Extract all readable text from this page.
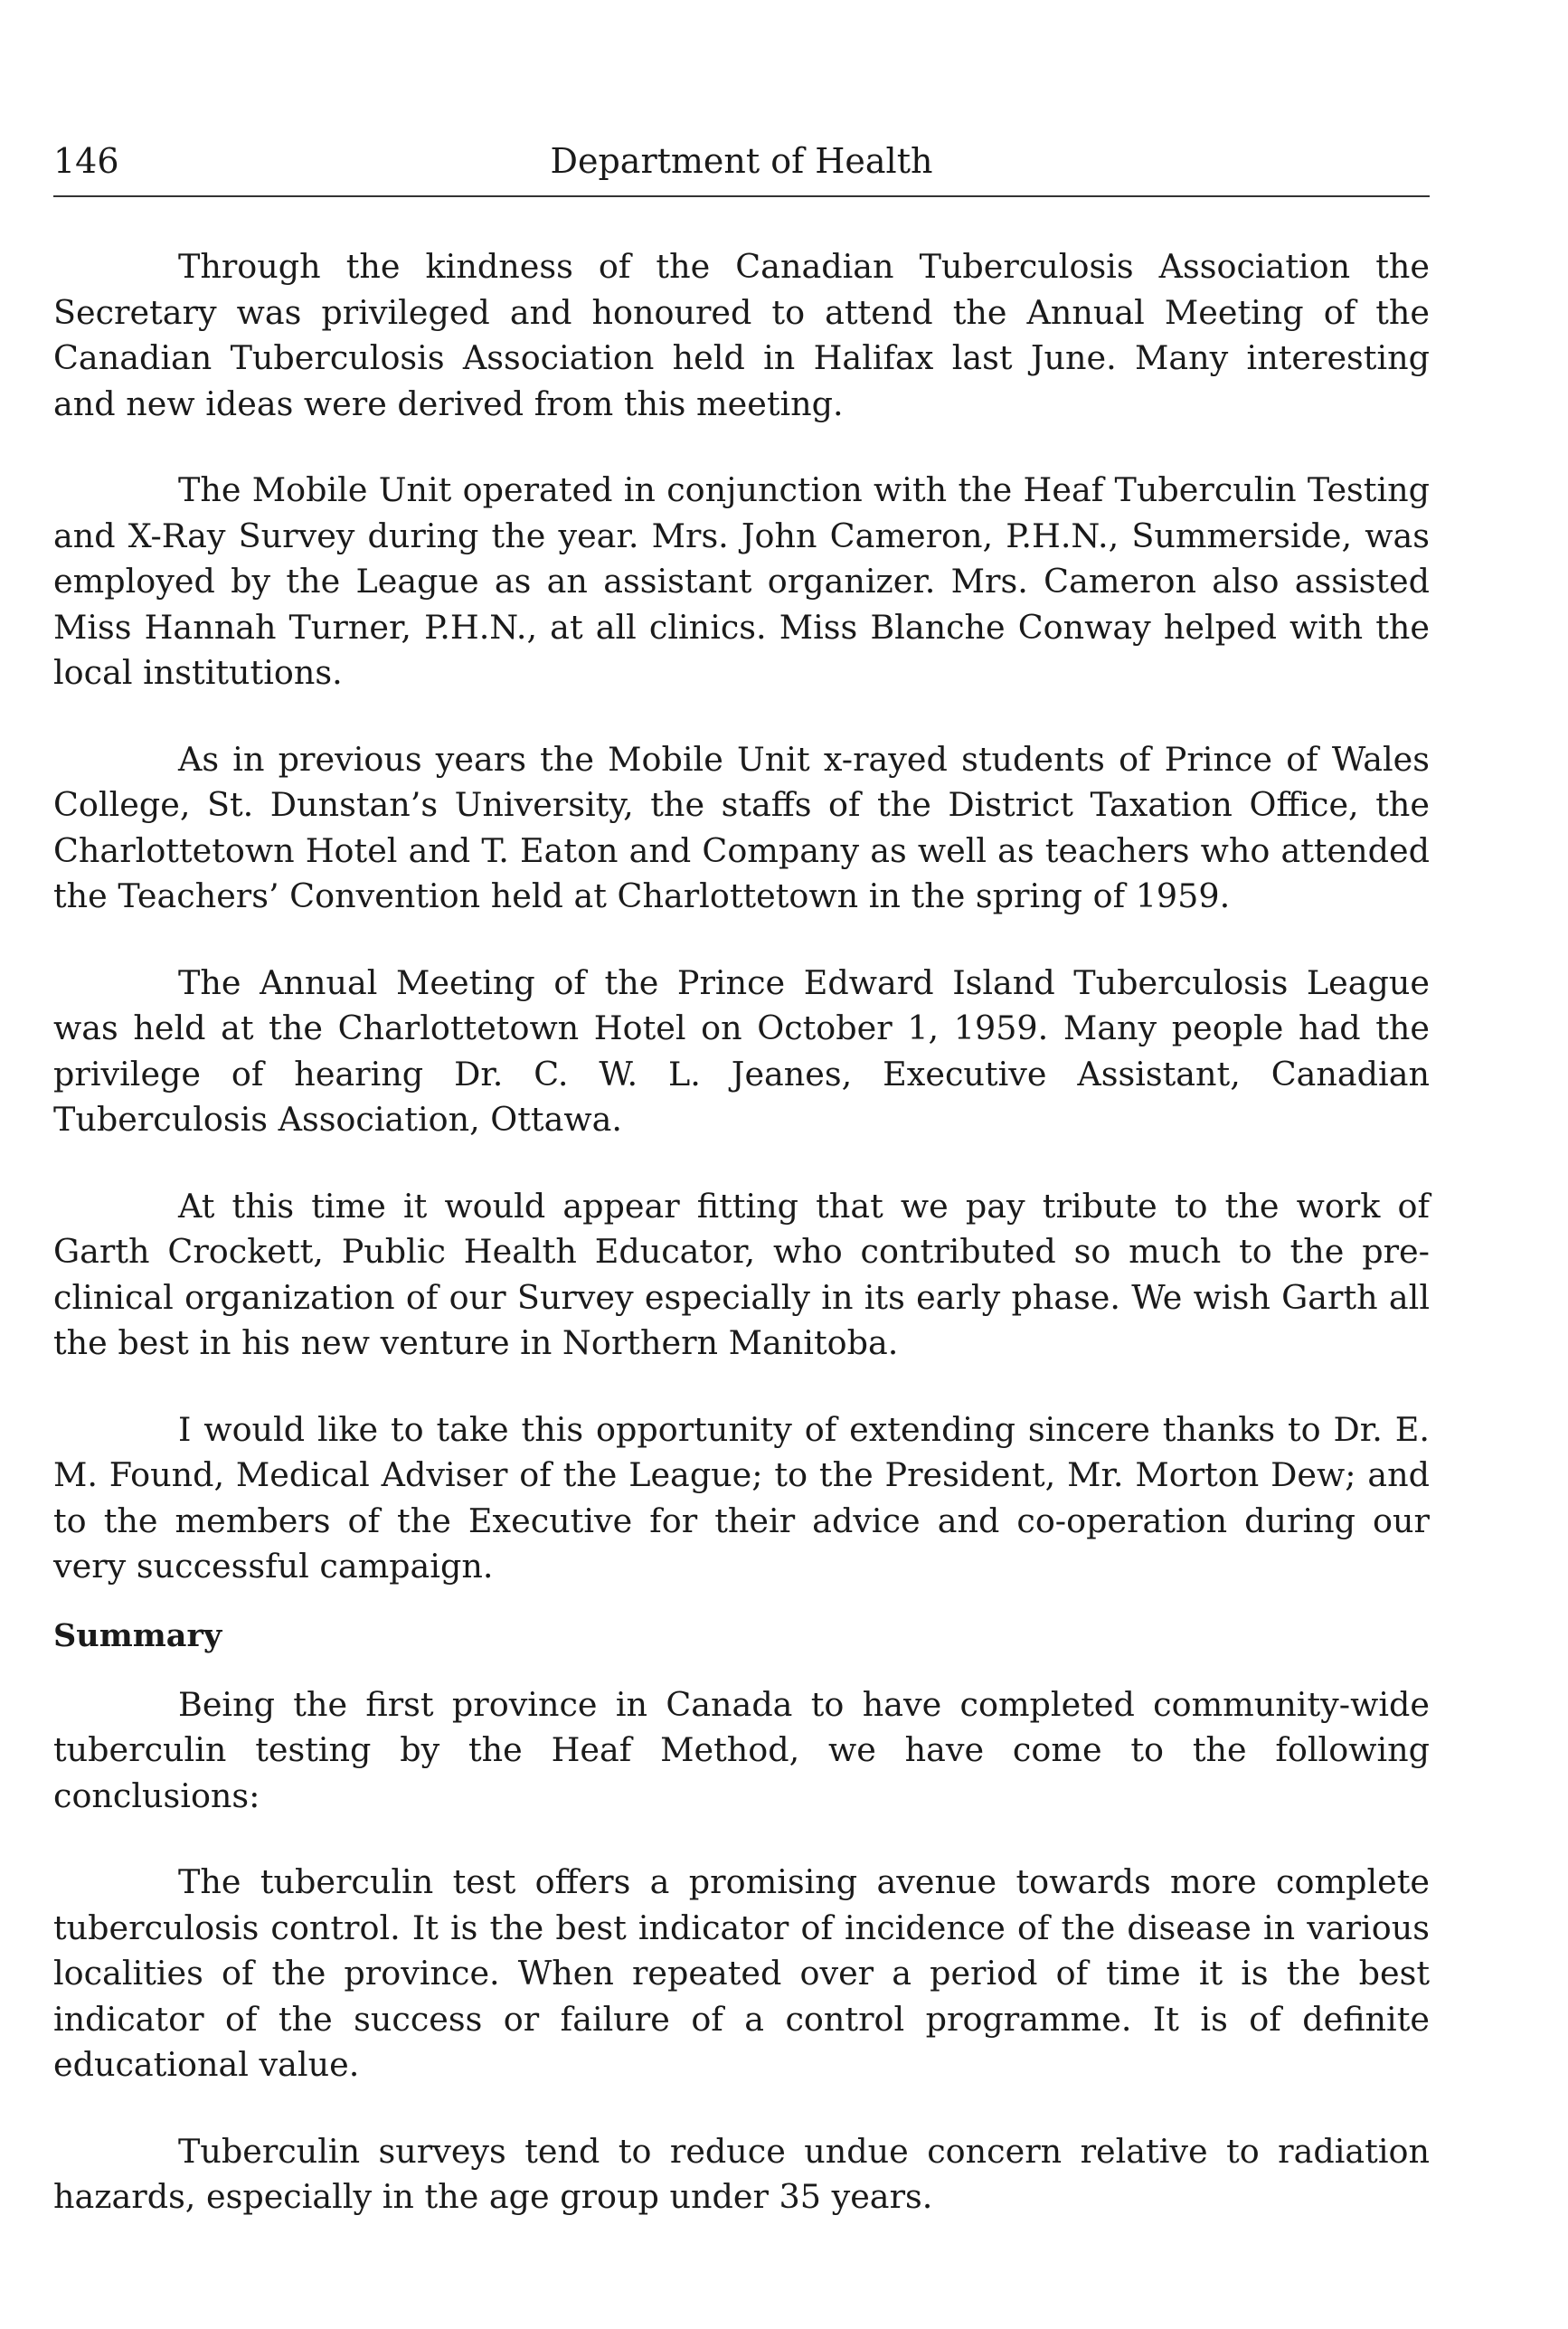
146	Department of Health

Through the kindness of the Canadian Tuberculosis Association the Secretary was privileged and honoured to attend the Annual Meeting of the Canadian Tuberculosis Association held in Halifax last June. Many interesting and new ideas were derived from this meeting.

The Mobile Unit operated in conjunction with the Heaf Tuberculin Testing and X-Ray Survey during the year. Mrs. John Cameron, P.H.N., Summerside, was employed by the League as an assistant organizer. Mrs. Cameron also assisted Miss Hannah Turner, P.H.N., at all clinics. Miss Blanche Conway helped with the local institutions.

As in previous years the Mobile Unit x-rayed students of Prince of Wales College, St. Dunstan’s University, the staffs of the District Taxation Office, the Charlottetown Hotel and T. Eaton and Company as well as teachers who attended the Teachers’ Convention held at Charlottetown in the spring of 1959.

The Annual Meeting of the Prince Edward Island Tuberculosis League was held at the Charlottetown Hotel on October 1, 1959. Many people had the privilege of hearing Dr. C. W. L. Jeanes, Executive Assistant, Canadian Tuberculosis Association, Ottawa.

At this time it would appear fitting that we pay tribute to the work of Garth Crockett, Public Health Educator, who contributed so much to the pre-clinical organization of our Survey especially in its early phase. We wish Garth all the best in his new venture in Northern Manitoba.

I would like to take this opportunity of extending sincere thanks to Dr. E. M. Found, Medical Adviser of the League; to the President, Mr. Morton Dew; and to the members of the Executive for their advice and co-operation during our very successful campaign.

Summary

Being the first province in Canada to have completed community-wide tuberculin testing by the Heaf Method, we have come to the following conclusions:

The tuberculin test offers a promising avenue towards more complete tuberculosis control. It is the best indicator of incidence of the disease in various localities of the province. When repeated over a period of time it is the best indicator of the success or failure of a control programme. It is of definite educational value.

Tuberculin surveys tend to reduce undue concern relative to radiation hazards, especially in the age group under 35 years.
